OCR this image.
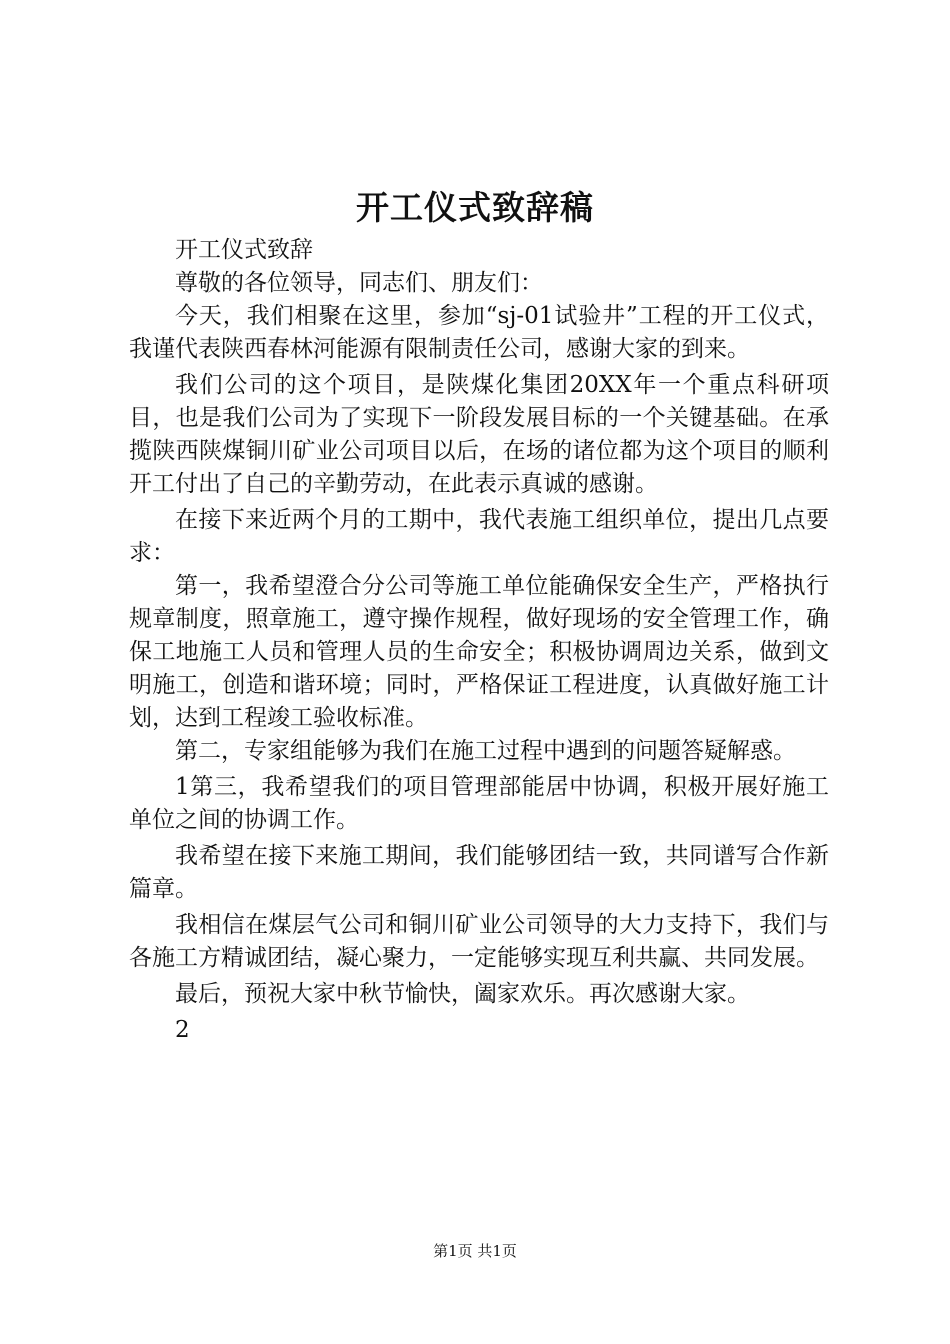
开工仪式致辞稿

开工仪式致辞

尊敬的各位领导，同志们、朋友们：

今天，我们相聚在这里，参加“sj-01试验井”工程的开工仪式，我谨代表陕西春林河能源有限制责任公司，感谢大家的到来。

我们公司的这个项目，是陕煤化集团20XX年一个重点科研项目，也是我们公司为了实现下一阶段发展目标的一个关键基础。在承揽陕西陕煤铜川矿业公司项目以后，在场的诸位都为这个项目的顺利开工付出了自己的辛勤劳动，在此表示真诚的感谢。

在接下来近两个月的工期中，我代表施工组织单位，提出几点要求：

第一，我希望澄合分公司等施工单位能确保安全生产，严格执行规章制度，照章施工，遵守操作规程，做好现场的安全管理工作，确保工地施工人员和管理人员的生命安全；积极协调周边关系，做到文明施工，创造和谐环境；同时，严格保证工程进度，认真做好施工计划，达到工程竣工验收标准。

第二，专家组能够为我们在施工过程中遇到的问题答疑解惑。

1第三，我希望我们的项目管理部能居中协调，积极开展好施工单位之间的协调工作。

我希望在接下来施工期间，我们能够团结一致，共同谱写合作新篇章。

我相信在煤层气公司和铜川矿业公司领导的大力支持下，我们与各施工方精诚团结，凝心聚力，一定能够实现互利共赢、共同发展。

最后，预祝大家中秋节愉快，阖家欢乐。再次感谢大家。

2

第1页 共1页
